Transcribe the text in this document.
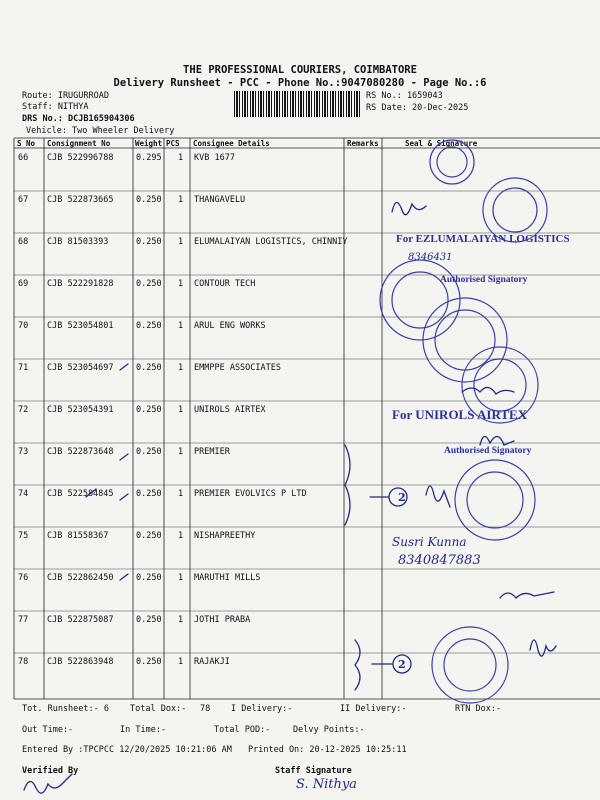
THE PROFESSIONAL COURIERS, COIMBATORE
Delivery Runsheet - PCC - Phone No.:9047080280 - Page No.:6
Route: IRUGURROAD
Staff: NITHYA
DRS No.: DCJB165904306
Vehicle: Two Wheeler Delivery
RS No.: 1659043
RS Date: 20-Dec-2025
S No Consignment No	Weight PCS Consignee Details	Remarks	Seal & Signature
66 CJB 522996788	0.295 1 KVB 1677
67 CJB 522873665	0.250 1 THANGAVELU
68 CJB 81503393	0.250 1 ELUMALAIYAN LOGISTICS, CHINNIY
69 CJB 522291828	0.250 1 CONTOUR TECH
70 CJB 523054801	0.250 1 ARUL ENG WORKS
71 CJB 523054697	0.250 1 EMMPPE ASSOCIATES
72 CJB 523054391	0.250 1 UNIROLS AIRTEX
73 CJB 522873648	0.250 1 PREMIER
74 CJB 522584845	0.250 1 PREMIER EVOLVICS P LTD
75 CJB 81558367	0.250 1 NISHAPREETHY
76 CJB 522862450	0.250 1 MARUTHI MILLS
77 CJB 522875087	0.250 1 JOTHI PRABA
78 CJB 522863948	0.250 1 RAJAKJI
2
2
For EZLUMALAIYAN LOGISTICS
Authorised Signatory
For UNIROLS AIRTEX
Authorised Signatory
8346431
Susri Kunna
8340847883
Tot. Runsheet:- 6 Total Dox:- 78 I Delivery:-	II Delivery:-	RTN Dox:-
Out Time:-	In Time:-	Total POD:-	Delvy Points:-
Entered By :TPCPCC 12/20/2025 10:21:06 AM Printed On: 20-12-2025 10:25:11
Verified By	Staff Signature
S. Nithya
